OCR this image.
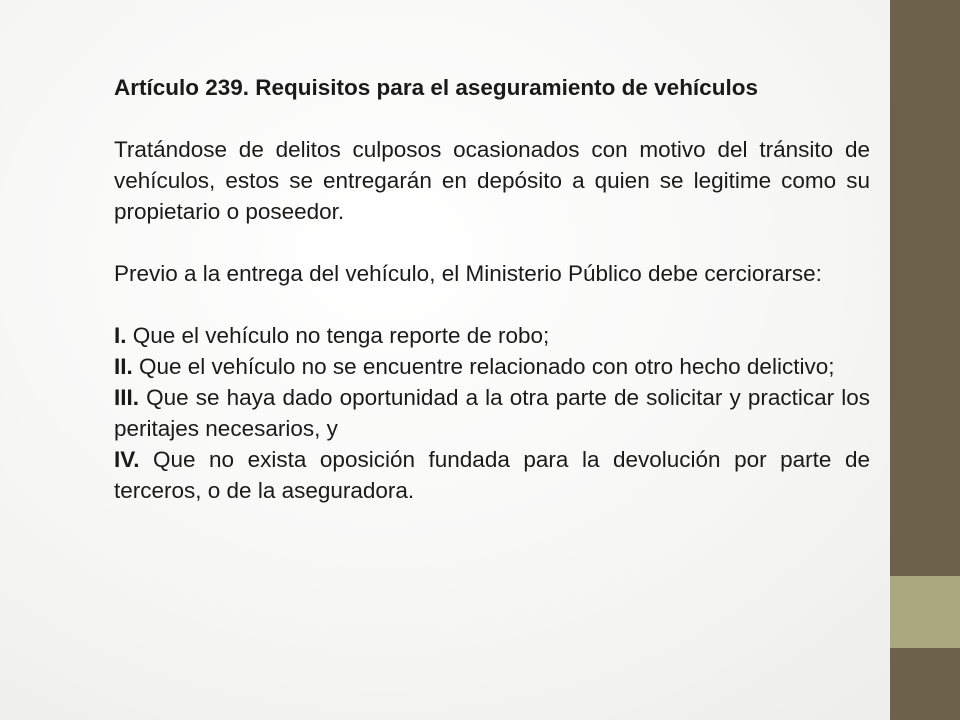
Artículo 239. Requisitos para el aseguramiento de vehículos

Tratándose de delitos culposos ocasionados con motivo del tránsito de vehículos, estos se entregarán en depósito a quien se legitime como su propietario o poseedor.

Previo a la entrega del vehículo, el Ministerio Público debe cerciorarse:

I. Que el vehículo no tenga reporte de robo;

II. Que el vehículo no se encuentre relacionado con otro hecho delictivo;

III. Que se haya dado oportunidad a la otra parte de solicitar y practicar los peritajes necesarios, y

IV. Que no exista oposición fundada para la devolución por parte de terceros, o de la aseguradora.
